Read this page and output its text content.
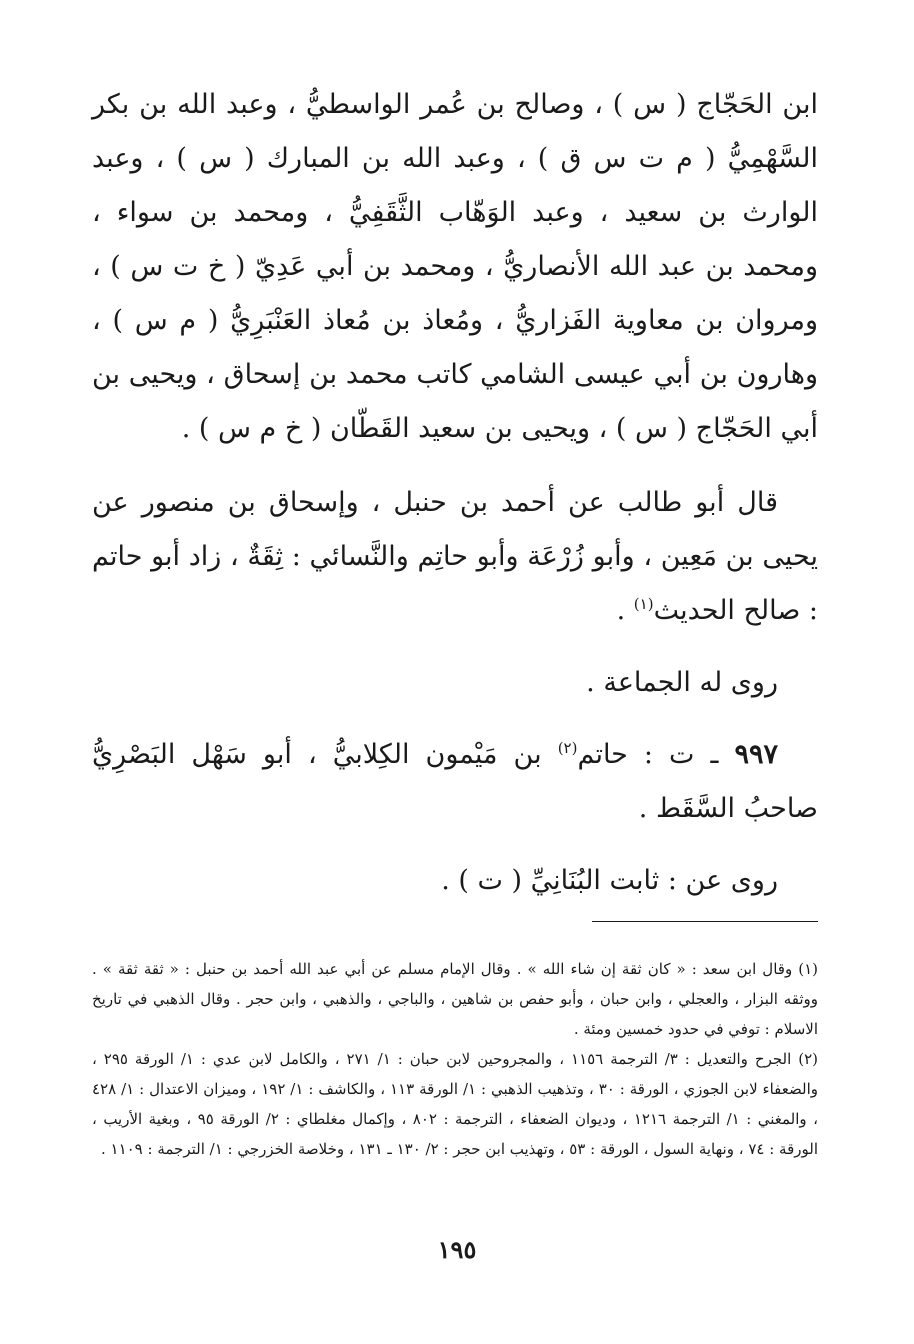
ابن الحَجّاج ( س ) ، وصالح بن عُمر الواسطيُّ ، وعبد الله بن بكر السَّهْمِيُّ ( م ت س ق ) ، وعبد الله بن المبارك ( س ) ، وعبد الوارث بن سعيد ، وعبد الوَهّاب الثَّقَفِيُّ ، ومحمد بن سواء ، ومحمد بن عبد الله الأنصاريُّ ، ومحمد بن أبي عَدِيّ ( خ ت س ) ، ومروان بن معاوية الفَزاريُّ ، ومُعاذ بن مُعاذ العَنْبَرِيُّ ( م س ) ، وهارون بن أبي عيسى الشامي كاتب محمد بن إسحاق ، ويحيى بن أبي الحَجّاج ( س ) ، ويحيى بن سعيد القَطّان ( خ م س ) .

قال أبو طالب عن أحمد بن حنبل ، وإسحاق بن منصور عن يحيى بن مَعِين ، وأبو زُرْعَة وأبو حاتِم والنَّسائي : ثِقَةٌ ، زاد أبو حاتم : صالح الحديث$^{(١)}$ .

روى له الجماعة .

٩٩٧ ـ ت : حاتم$^{(٢)}$ بن مَيْمون الكِلابيُّ ، أبو سَهْل البَصْرِيُّ صاحبُ السَّقَط .

روى عن : ثابت البُنَانِيِّ ( ت ) .

(١) وقال ابن سعد : « كان ثقة إن شاء الله » . وقال الإمام مسلم عن أبي عبد الله أحمد بن حنبل : « ثقة ثقة » . ووثقه البزار ، والعجلي ، وابن حبان ، وأبو حفص بن شاهين ، والباجي ، والذهبي ، وابن حجر . وقال الذهبي في تاريخ الاسلام : توفي في حدود خمسين ومئة .

(٢) الجرح والتعديل : ٣/ الترجمة ١١٥٦ ، والمجروحين لابن حبان : ١/ ٢٧١ ، والكامل لابن عدي : ١/ الورقة ٢٩٥ ، والضعفاء لابن الجوزي ، الورقة : ٣٠ ، وتذهيب الذهبي : ١/ الورقة ١١٣ ، والكاشف : ١/ ١٩٢ ، وميزان الاعتدال : ١/ ٤٢٨ ، والمغني : ١/ الترجمة ١٢١٦ ، وديوان الضعفاء ، الترجمة : ٨٠٢ ، وإكمال مغلطاي : ٢/ الورقة ٩٥ ، وبغية الأريب ، الورقة : ٧٤ ، ونهاية السول ، الورقة : ٥٣ ، وتهذيب ابن حجر : ٢/ ١٣٠ ـ ١٣١ ، وخلاصة الخزرجي : ١/ الترجمة : ١١٠٩ .

١٩٥
